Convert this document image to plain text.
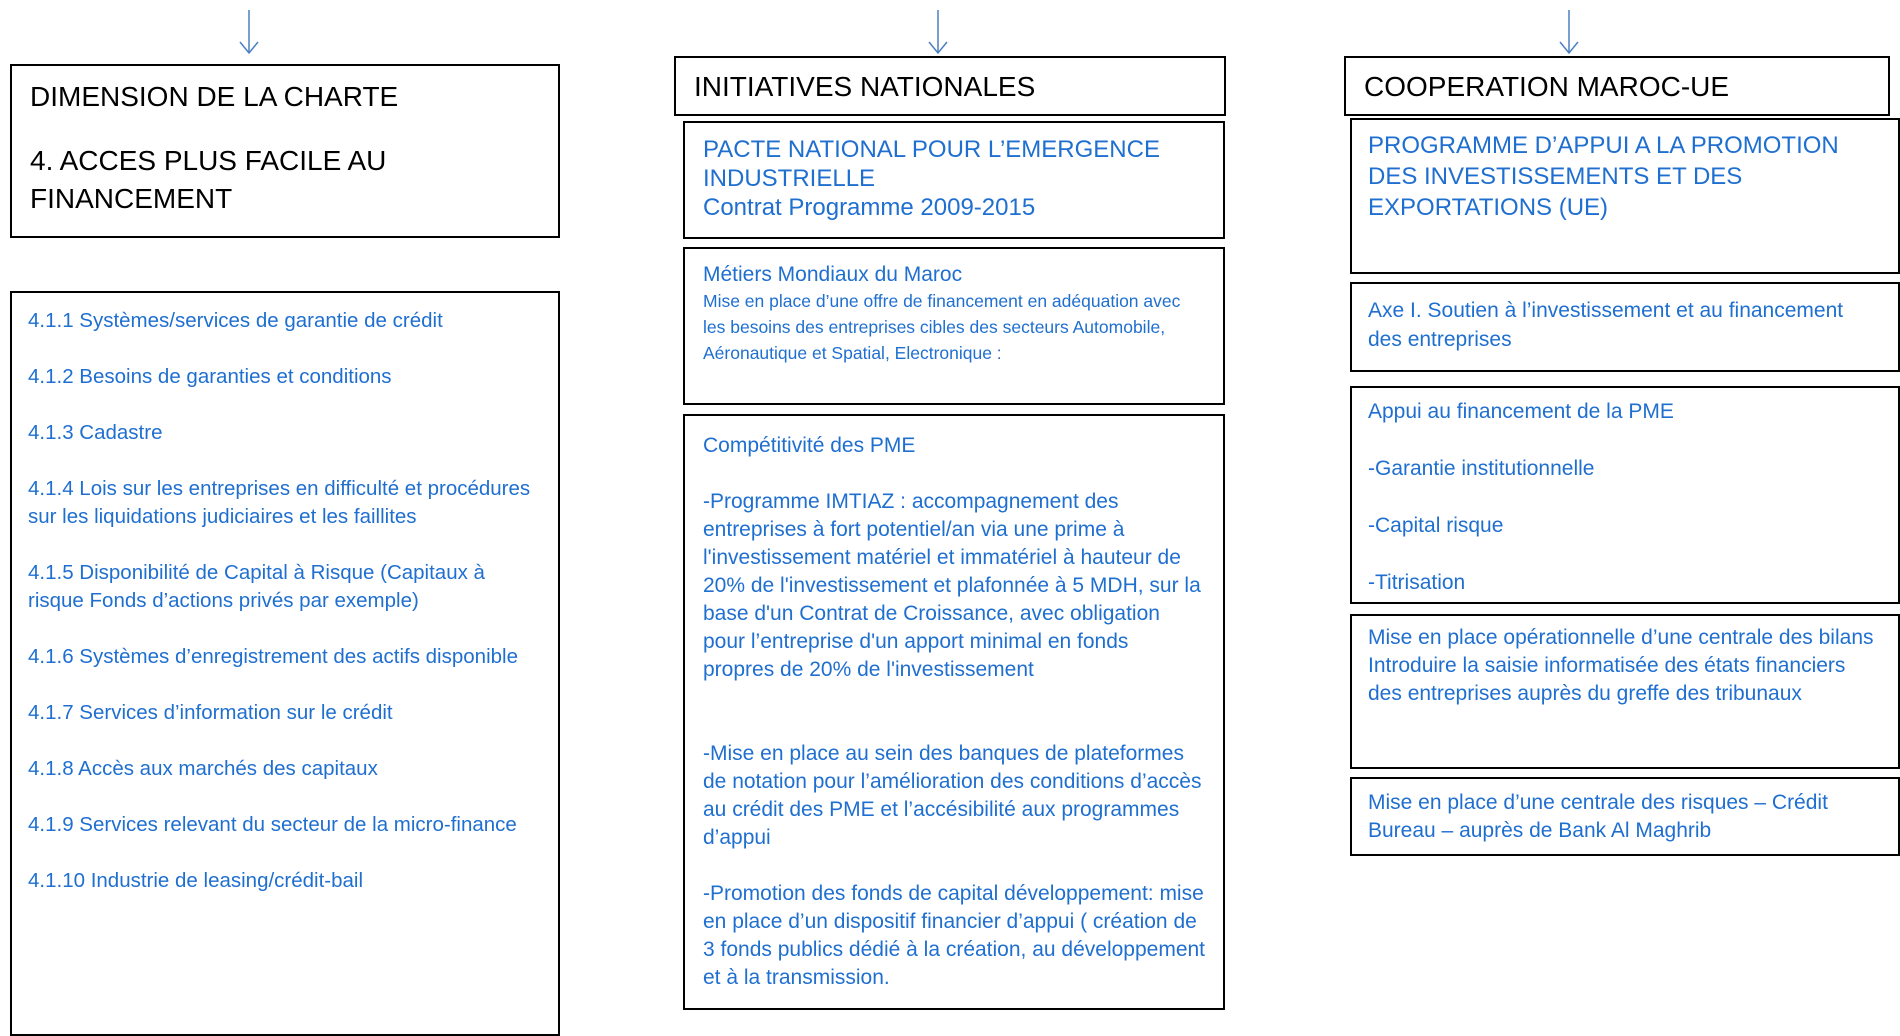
DIMENSION DE LA CHARTE

4. ACCES PLUS FACILE AU

FINANCEMENT

4.1.1 Systèmes/services de garantie de crédit

4.1.2 Besoins de garanties et conditions

4.1.3 Cadastre

4.1.4 Lois sur les entreprises en difficulté et procédures sur les liquidations judiciaires et les faillites

4.1.5 Disponibilité de Capital à Risque (Capitaux à risque Fonds d’actions privés par exemple)

4.1.6 Systèmes d’enregistrement des actifs disponible

4.1.7 Services d’information sur le crédit

4.1.8 Accès aux marchés des capitaux

4.1.9 Services relevant du secteur de la micro-finance

4.1.10 Industrie de leasing/crédit-bail

INITIATIVES NATIONALES

PACTE NATIONAL POUR L’EMERGENCE

INDUSTRIELLE

Contrat Programme 2009-2015

Métiers Mondiaux du Maroc

Mise en place d’une offre de financement en adéquation avec les besoins des entreprises cibles des secteurs Automobile, Aéronautique et Spatial, Electronique :

Compétitivité des PME

-Programme IMTIAZ : accompagnement des entreprises à fort potentiel/an via une prime à l'investissement matériel et immatériel à hauteur de 20% de l'investissement et plafonnée à 5 MDH, sur la base d'un Contrat de Croissance, avec obligation pour l’entreprise d'un apport minimal en fonds propres de 20% de l'investissement

-Mise en place au sein des banques de plateformes de notation pour l’amélioration des conditions d’accès au crédit des PME et l’accésibilité aux programmes d’appui

-Promotion des fonds de capital développement: mise en place d’un dispositif financier d’appui ( création de 3 fonds publics dédié à la création, au développement et à la transmission.

COOPERATION MAROC-UE

PROGRAMME D’APPUI A LA PROMOTION DES INVESTISSEMENTS ET DES EXPORTATIONS (UE)

Axe I. Soutien à l’investissement et au financement des entreprises

Appui au financement de la PME

-Garantie institutionnelle

-Capital risque

-Titrisation

Mise en place opérationnelle d’une centrale des bilans

Introduire la saisie informatisée des états financiers des entreprises auprès du greffe des tribunaux

Mise en place d’une centrale des risques – Crédit Bureau – auprès de Bank Al Maghrib
